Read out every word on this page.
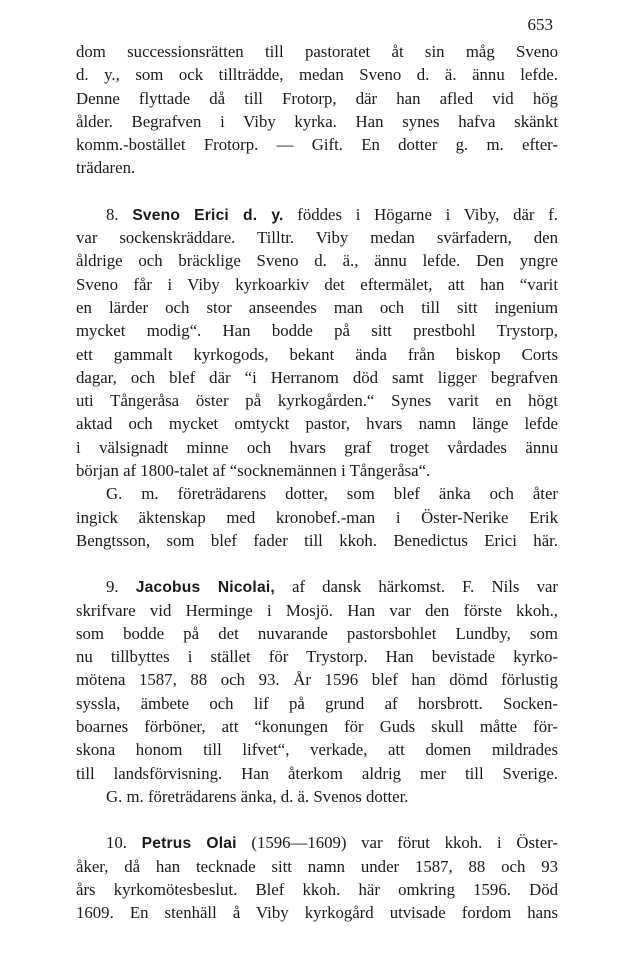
653
dom successionsrätten till pastoratet åt sin måg Sveno
d. y., som ock tillträdde, medan Sveno d. ä. ännu lefde.
Denne flyttade då till Frotorp, där han afled vid hög
ålder. Begrafven i Viby kyrka. Han synes hafva skänkt
komm.-bostället Frotorp. — Gift. En dotter g. m. efter-
trädaren.
8. Sveno Erici d. y. föddes i Högarne i Viby, där f.
var sockenskräddare. Tilltr. Viby medan svärfadern, den
åldrige och bräcklige Sveno d. ä., ännu lefde. Den yngre
Sveno får i Viby kyrkoarkiv det eftermälet, att han “varit
en lärder och stor anseendes man och till sitt ingenium
mycket modig“. Han bodde på sitt prestbohl Trystorp,
ett gammalt kyrkogods, bekant ända från biskop Corts
dagar, och blef där “i Herranom död samt ligger begrafven
uti Tångeråsa öster på kyrkogården.“ Synes varit en högt
aktad och mycket omtyckt pastor, hvars namn länge lefde
i välsignadt minne och hvars graf troget vårdades ännu
början af 1800-talet af “socknemännen i Tångeråsa“.
G. m. företrädarens dotter, som blef änka och åter
ingick äktenskap med kronobef.-man i Öster-Nerike Erik
Bengtsson, som blef fader till kkoh. Benedictus Erici här.
9. Jacobus Nicolai, af dansk härkomst. F. Nils var
skrifvare vid Herminge i Mosjö. Han var den förste kkoh.,
som bodde på det nuvarande pastorsbohlet Lundby, som
nu tillbyttes i stället för Trystorp. Han bevistade kyrko-
mötena 1587, 88 och 93. År 1596 blef han dömd förlustig
syssla, ämbete och lif på grund af horsbrott. Socken-
boarnes förböner, att “konungen för Guds skull måtte för-
skona honom till lifvet“, verkade, att domen mildrades
till landsförvisning. Han återkom aldrig mer till Sverige.
G. m. företrädarens änka, d. ä. Svenos dotter.
10. Petrus Olai (1596—1609) var förut kkoh. i Öster-
åker, då han tecknade sitt namn under 1587, 88 och 93
års kyrkomötesbeslut. Blef kkoh. här omkring 1596. Död
1609. En stenhäll å Viby kyrkogård utvisade fordom hans
